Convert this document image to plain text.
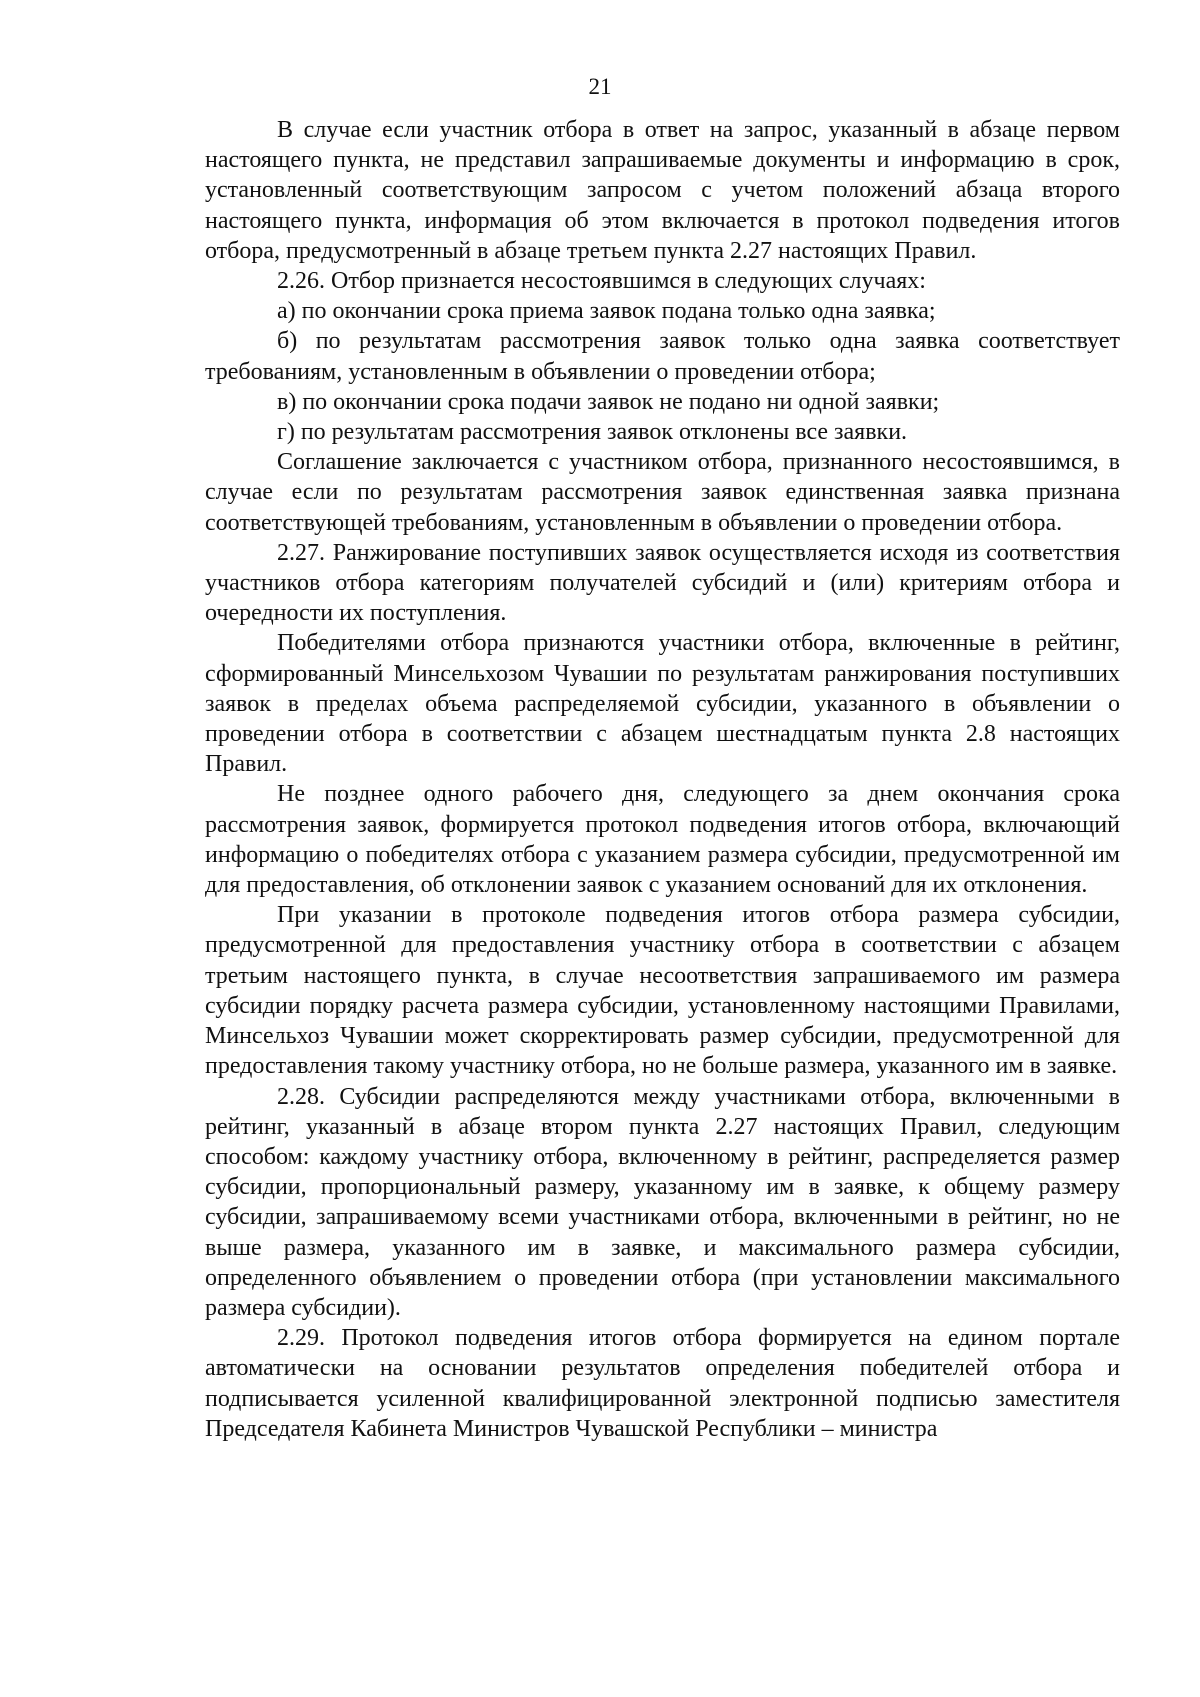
21

В случае если участник отбора в ответ на запрос, указанный в абзаце первом настоящего пункта, не представил запрашиваемые документы и информацию в срок, установленный соответствующим запросом с учетом положений абзаца второго настоящего пункта, информация об этом включается в протокол подведения итогов отбора, предусмотренный в абзаце третьем пункта 2.27 настоящих Правил.

2.26. Отбор признается несостоявшимся в следующих случаях:

а) по окончании срока приема заявок подана только одна заявка;

б) по результатам рассмотрения заявок только одна заявка соответствует требованиям, установленным в объявлении о проведении отбора;

в) по окончании срока подачи заявок не подано ни одной заявки;

г) по результатам рассмотрения заявок отклонены все заявки.

Соглашение заключается с участником отбора, признанного несостоявшимся, в случае если по результатам рассмотрения заявок единственная заявка признана соответствующей требованиям, установленным в объявлении о проведении отбора.

2.27. Ранжирование поступивших заявок осуществляется исходя из соответствия участников отбора категориям получателей субсидий и (или) критериям отбора и очередности их поступления.

Победителями отбора признаются участники отбора, включенные в рейтинг, сформированный Минсельхозом Чувашии по результатам ранжирования поступивших заявок в пределах объема распределяемой субсидии, указанного в объявлении о проведении отбора в соответствии с абзацем шестнадцатым пункта 2.8 настоящих Правил.

Не позднее одного рабочего дня, следующего за днем окончания срока рассмотрения заявок, формируется протокол подведения итогов отбора, включающий информацию о победителях отбора с указанием размера субсидии, предусмотренной им для предоставления, об отклонении заявок с указанием оснований для их отклонения.

При указании в протоколе подведения итогов отбора размера субсидии, предусмотренной для предоставления участнику отбора в соответствии с абзацем третьим настоящего пункта, в случае несоответствия запрашиваемого им размера субсидии порядку расчета размера субсидии, установленному настоящими Правилами, Минсельхоз Чувашии может скорректировать размер субсидии, предусмотренной для предоставления такому участнику отбора, но не больше размера, указанного им в заявке.

2.28. Субсидии распределяются между участниками отбора, включенными в рейтинг, указанный в абзаце втором пункта 2.27 настоящих Правил, следующим способом: каждому участнику отбора, включенному в рейтинг, распределяется размер субсидии, пропорциональный размеру, указанному им в заявке, к общему размеру субсидии, запрашиваемому всеми участниками отбора, включенными в рейтинг, но не выше размера, указанного им в заявке, и максимального размера субсидии, определенного объявлением о проведении отбора (при установлении максимального размера субсидии).

2.29. Протокол подведения итогов отбора формируется на едином портале автоматически на основании результатов определения победителей отбора и подписывается усиленной квалифицированной электронной подписью заместителя Председателя Кабинета Министров Чувашской Республики – министра
